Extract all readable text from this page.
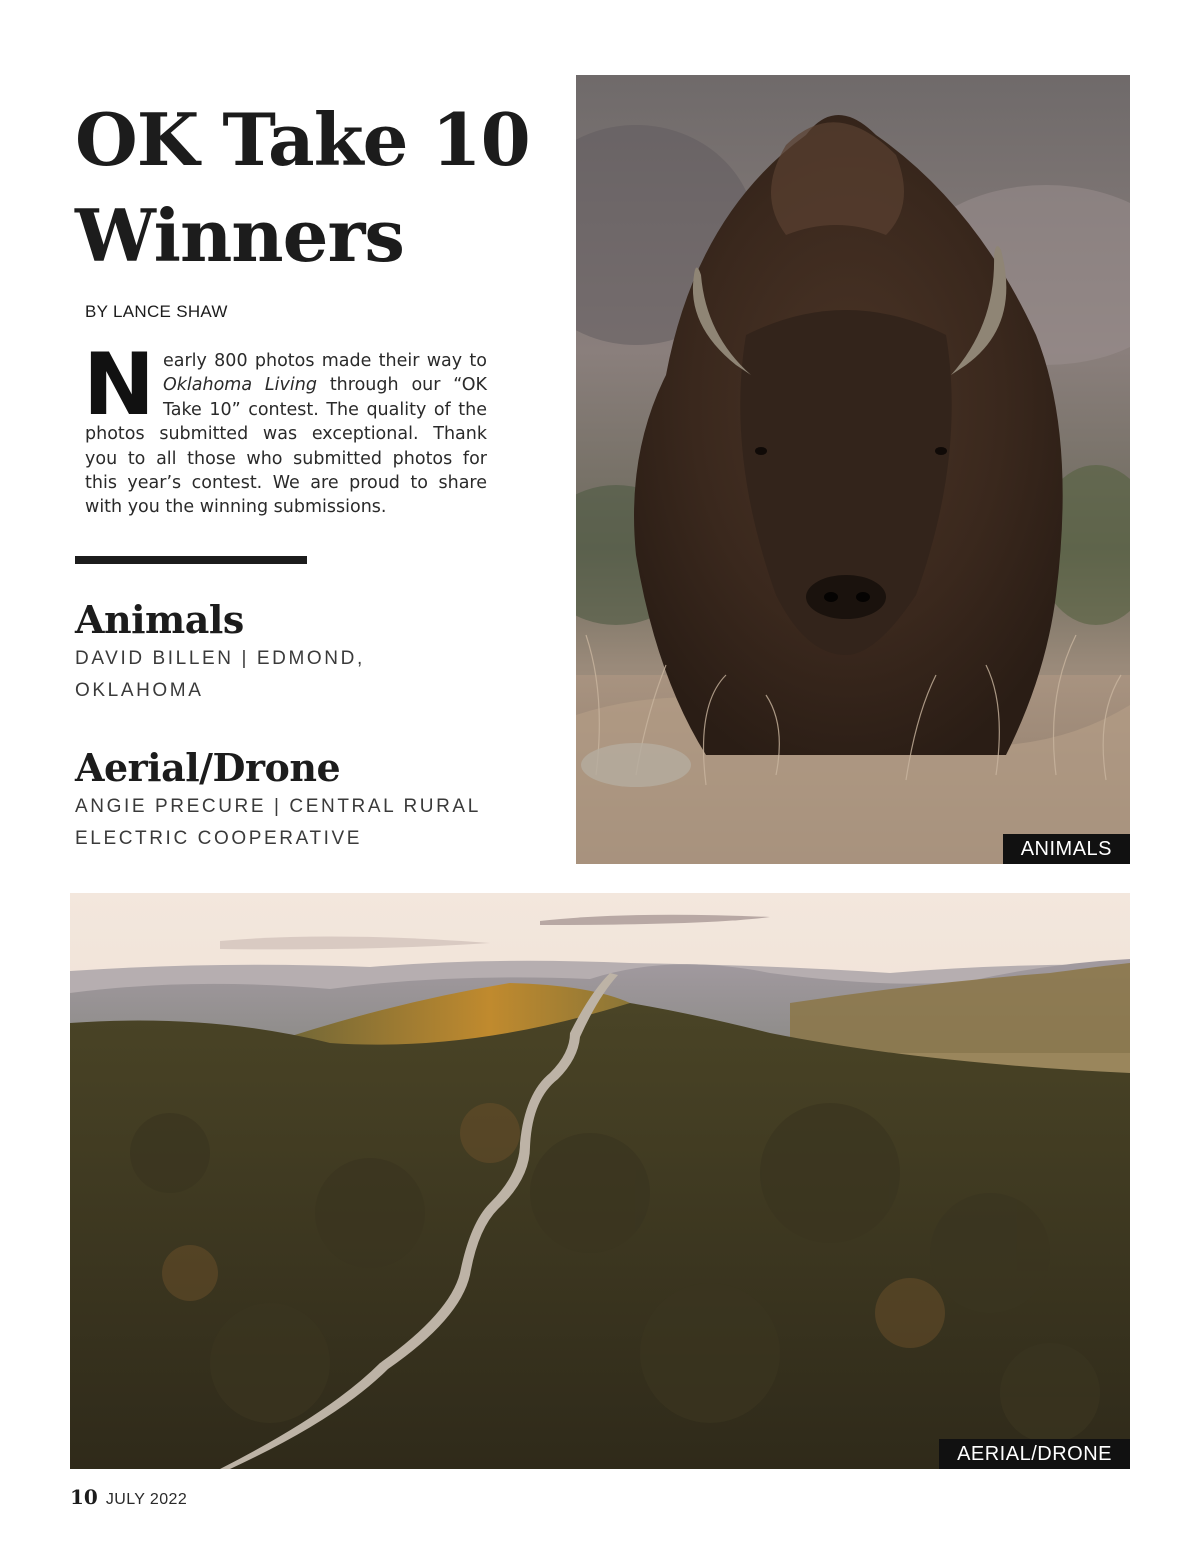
OK Take 10 Winners
BY LANCE SHAW

Nearly 800 photos made their way to Oklahoma Living through our “OK Take 10” contest. The quality of the photos submitted was exceptional. Thank you to all those who submitted photos for this year’s contest. We are proud to share with you the winning submissions.

Animals
DAVID BILLEN | EDMOND, OKLAHOMA
Aerial/Drone
ANGIE PRECURE | CENTRAL RURAL ELECTRIC COOPERATIVE	ANIMALS
AERIAL/DRONE
10 JULY 2022
